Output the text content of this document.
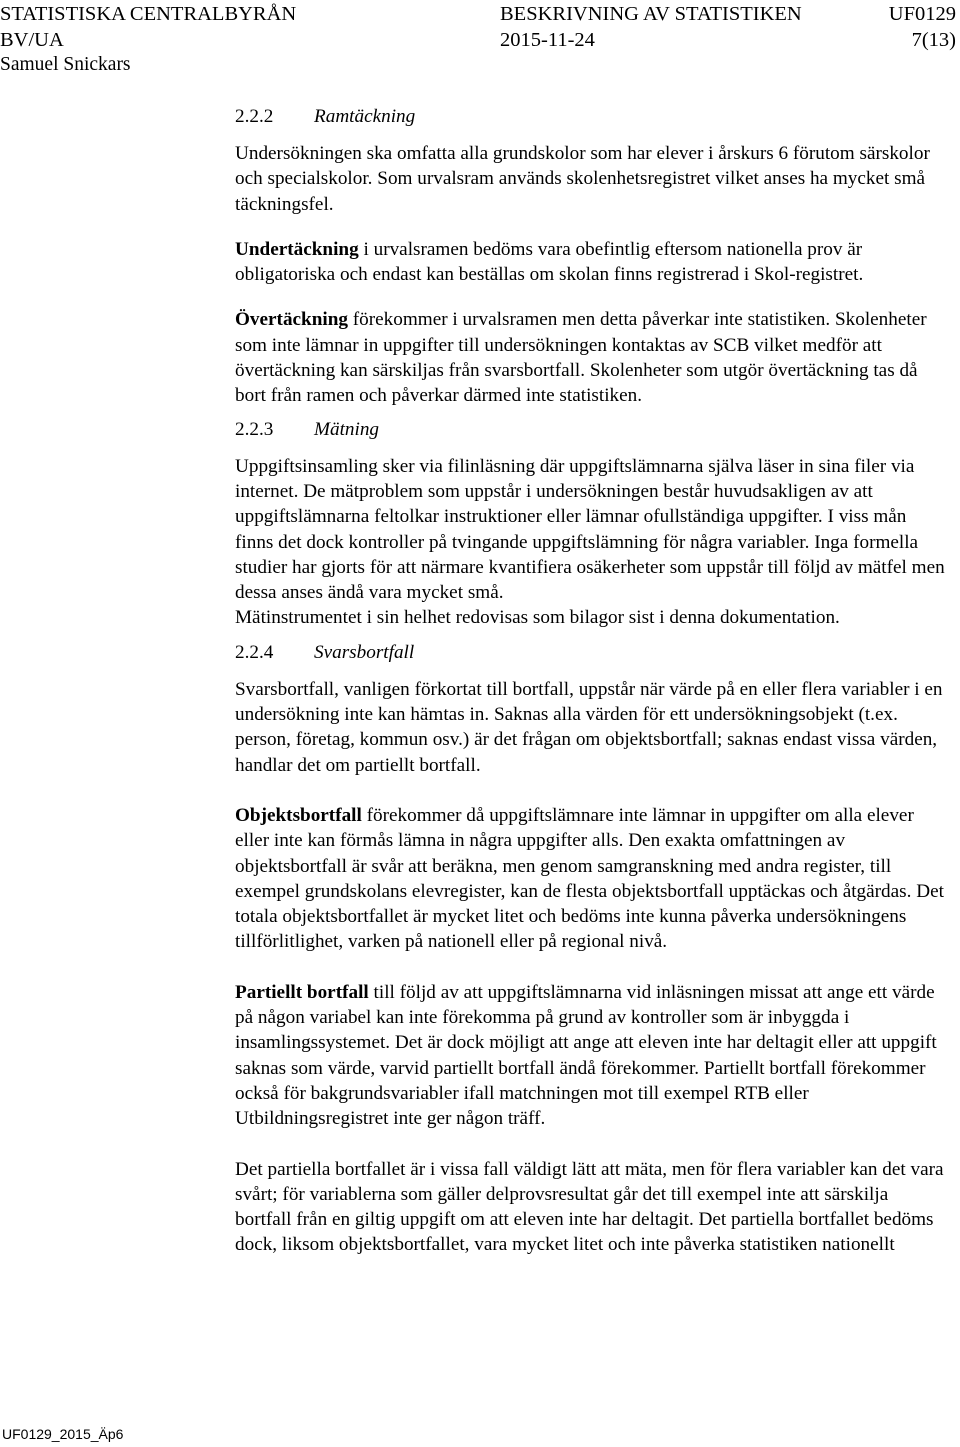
STATISTISKA CENTRALBYRÅN	BESKRIVNING AV STATISTIKEN	UF0129
BV/UA	2015-11-24	7(13)
Samuel Snickars
2.2.2 Ramtäckning

Undersökningen ska omfatta alla grundskolor som har elever i årskurs 6 förutom särskolor och specialskolor. Som urvalsram används skolenhetsregistret vilket anses ha mycket små täckningsfel.

Undertäckning i urvalsramen bedöms vara obefintlig eftersom nationella prov är obligatoriska och endast kan beställas om skolan finns registrerad i Skol-registret.

Övertäckning förekommer i urvalsramen men detta påverkar inte statistiken. Skolenheter som inte lämnar in uppgifter till undersökningen kontaktas av SCB vilket medför att övertäckning kan särskiljas från svarsbortfall. Skolenheter som utgör övertäckning tas då bort från ramen och påverkar därmed inte statistiken.

2.2.3 Mätning

Uppgiftsinsamling sker via filinläsning där uppgiftslämnarna själva läser in sina filer via internet. De mätproblem som uppstår i undersökningen består huvudsakligen av att uppgiftslämnarna feltolkar instruktioner eller lämnar ofullständiga uppgifter. I viss mån finns det dock kontroller på tvingande uppgiftslämning för några variabler. Inga formella studier har gjorts för att närmare kvantifiera osäkerheter som uppstår till följd av mätfel men dessa anses ändå vara mycket små.

Mätinstrumentet i sin helhet redovisas som bilagor sist i denna dokumentation.

2.2.4 Svarsbortfall

Svarsbortfall, vanligen förkortat till bortfall, uppstår när värde på en eller flera variabler i en undersökning inte kan hämtas in. Saknas alla värden för ett undersökningsobjekt (t.ex. person, företag, kommun osv.) är det frågan om objektsbortfall; saknas endast vissa värden, handlar det om partiellt bortfall.

Objektsbortfall förekommer då uppgiftslämnare inte lämnar in uppgifter om alla elever eller inte kan förmås lämna in några uppgifter alls. Den exakta omfattningen av objektsbortfall är svår att beräkna, men genom samgranskning med andra register, till exempel grundskolans elevregister, kan de flesta objektsbortfall upptäckas och åtgärdas. Det totala objektsbortfallet är mycket litet och bedöms inte kunna påverka undersökningens tillförlitlighet, varken på nationell eller på regional nivå.

Partiellt bortfall till följd av att uppgiftslämnarna vid inläsningen missat att ange ett värde på någon variabel kan inte förekomma på grund av kontroller som är inbyggda i insamlingssystemet. Det är dock möjligt att ange att eleven inte har deltagit eller att uppgift saknas som värde, varvid partiellt bortfall ändå förekommer. Partiellt bortfall förekommer också för bakgrundsvariabler ifall matchningen mot till exempel RTB eller Utbildningsregistret inte ger någon träff.

Det partiella bortfallet är i vissa fall väldigt lätt att mäta, men för flera variabler kan det vara svårt; för variablerna som gäller delprovsresultat går det till exempel inte att särskilja bortfall från en giltig uppgift om att eleven inte har deltagit. Det partiella bortfallet bedöms dock, liksom objektsbortfallet, vara mycket litet och inte påverka statistiken nationellt

UF0129_2015_Äp6
